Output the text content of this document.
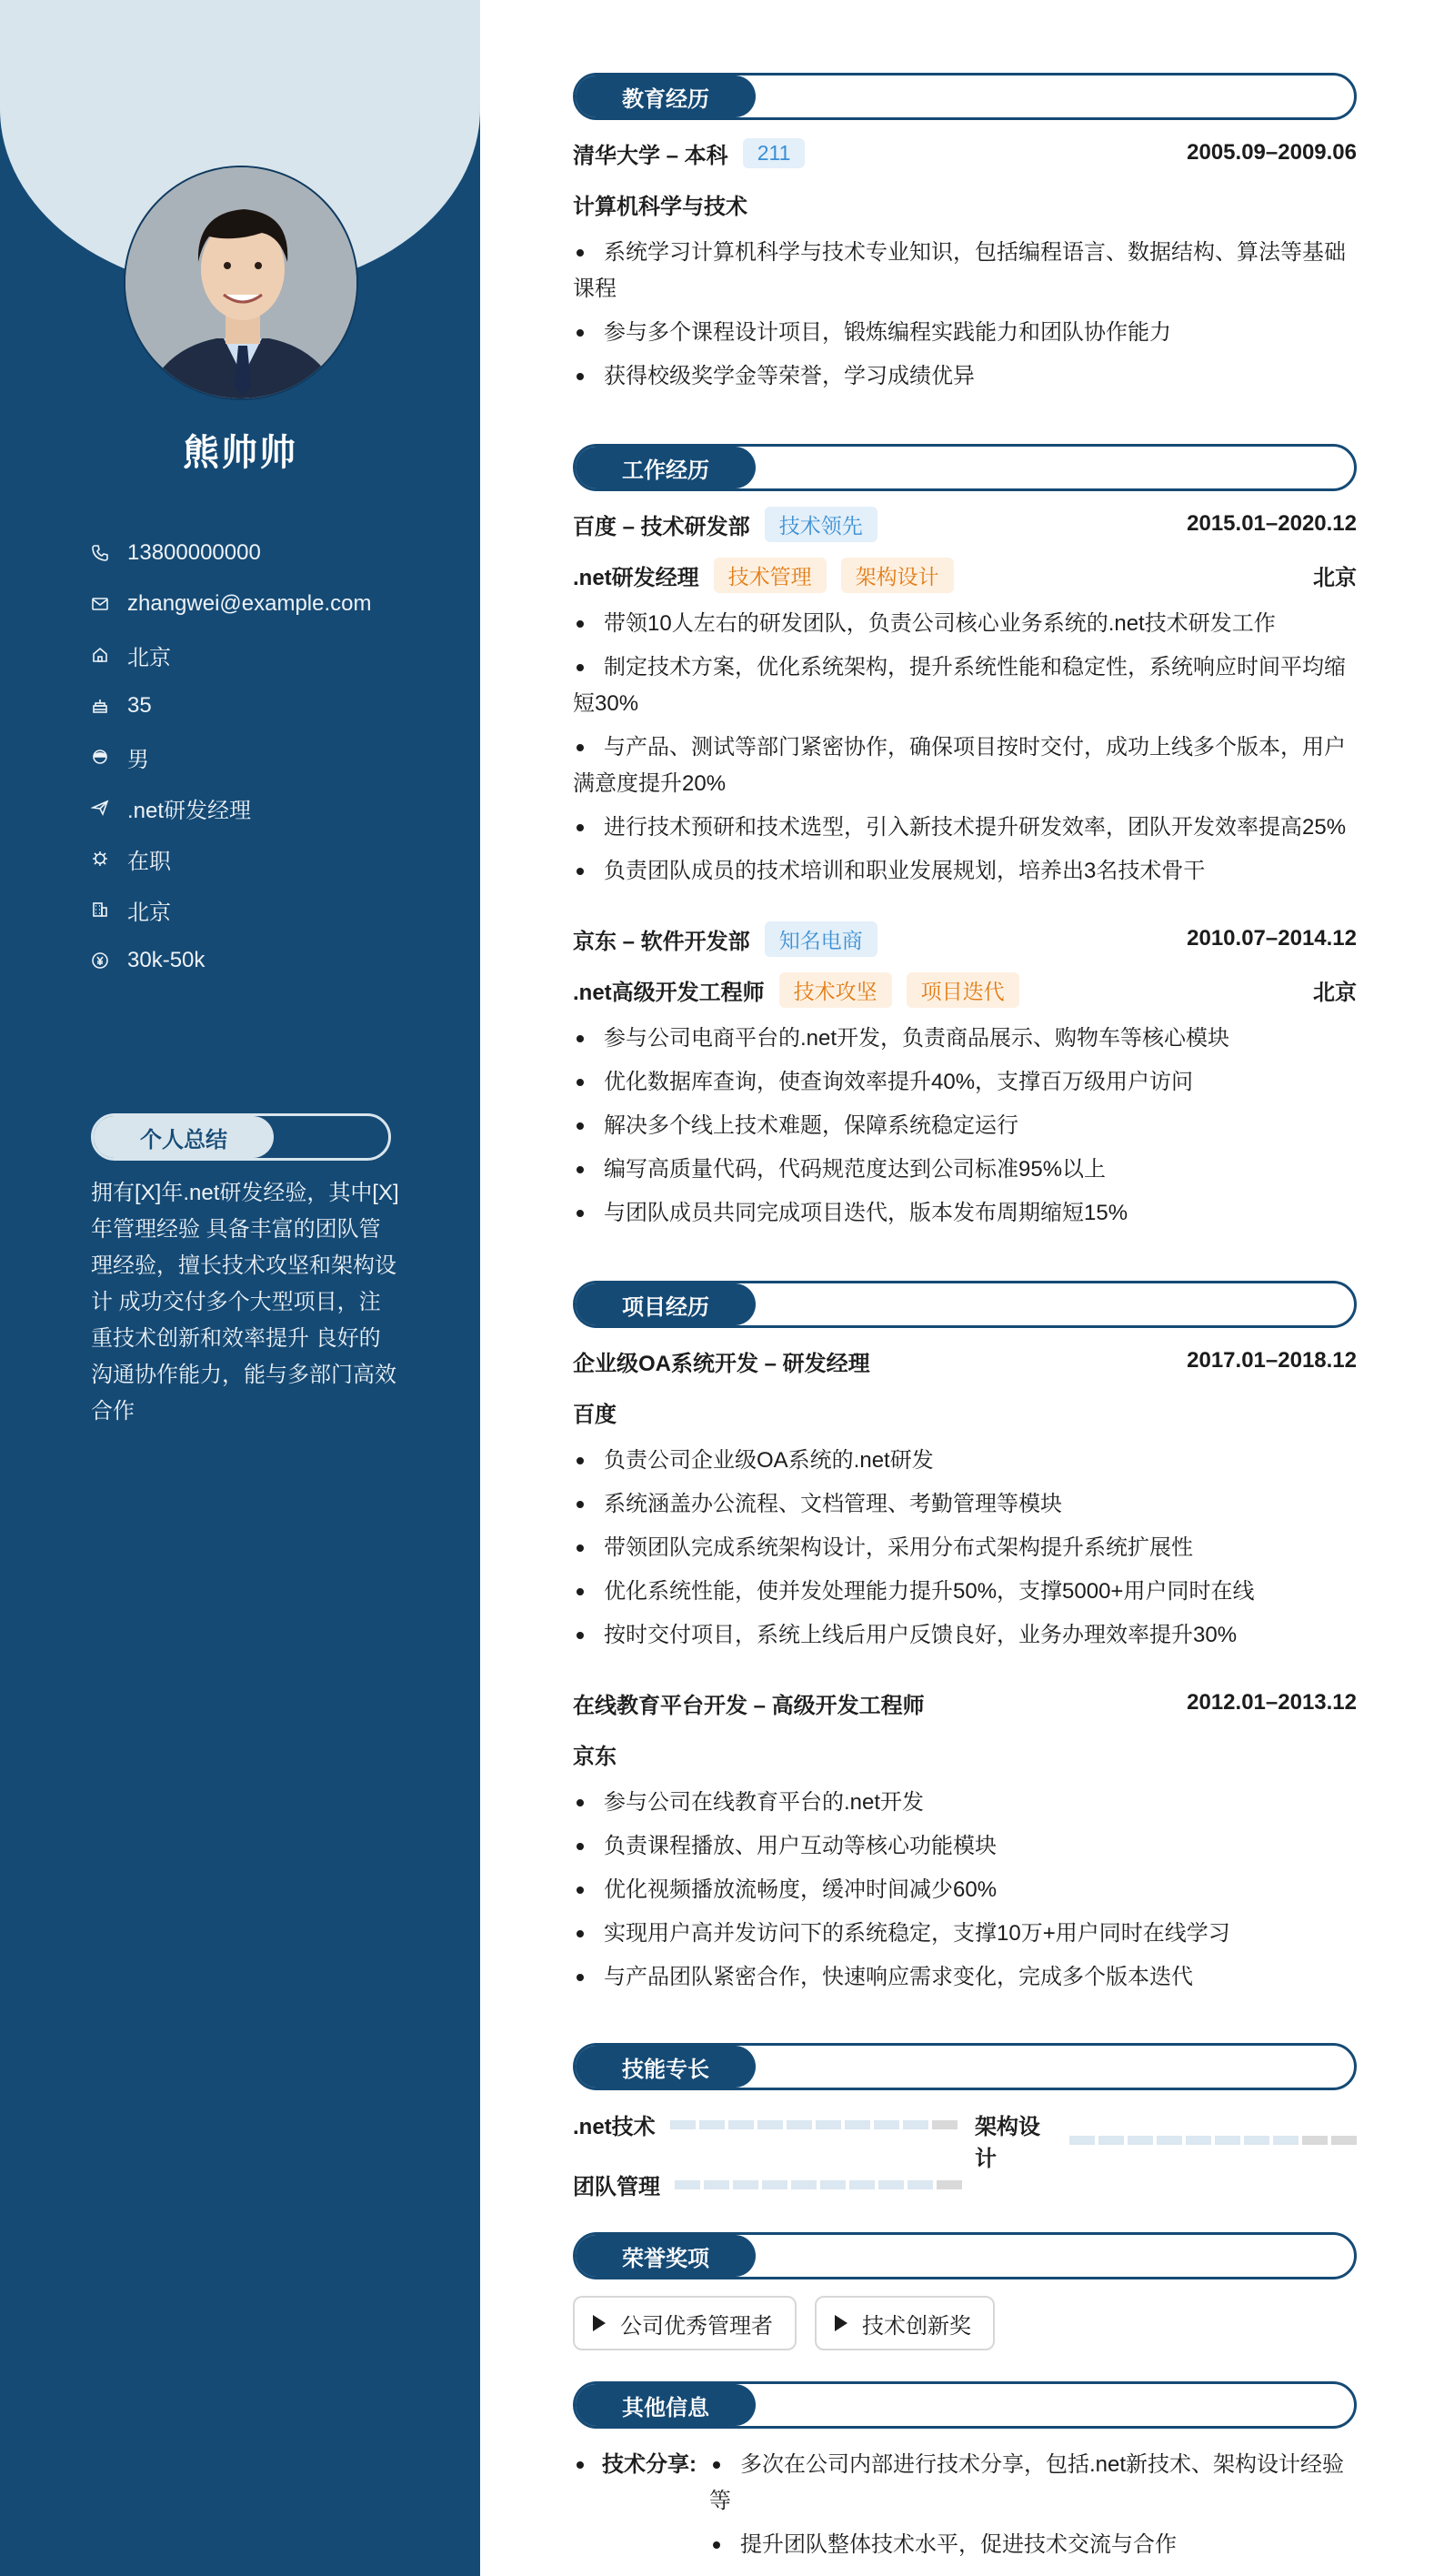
熊帅帅
13800000000
zhangwei@example.com
北京
35
男
.net研发经理
在职
北京
30k-50k
个人总结
拥有[X]年.net研发经验，其中[X]年管理经验 具备丰富的团队管理经验，擅长技术攻坚和架构设计 成功交付多个大型项目，注重技术创新和效率提升 良好的沟通协作能力，能与多部门高效合作
教育经历
清华大学 – 本科	211	2005.09–2009.06
计算机科学与技术
系统学习计算机科学与技术专业知识，包括编程语言、数据结构、算法等基础课程
参与多个课程设计项目，锻炼编程实践能力和团队协作能力
获得校级奖学金等荣誉，学习成绩优异
工作经历
百度 – 技术研发部	技术领先	2015.01–2020.12
.net研发经理	技术管理	架构设计	北京
带领10人左右的研发团队，负责公司核心业务系统的.net技术研发工作
制定技术方案，优化系统架构，提升系统性能和稳定性，系统响应时间平均缩短30%
与产品、测试等部门紧密协作，确保项目按时交付，成功上线多个版本，用户满意度提升20%
进行技术预研和技术选型，引入新技术提升研发效率，团队开发效率提高25%
负责团队成员的技术培训和职业发展规划，培养出3名技术骨干
京东 – 软件开发部	知名电商	2010.07–2014.12
.net高级开发工程师	技术攻坚	项目迭代	北京
参与公司电商平台的.net开发，负责商品展示、购物车等核心模块
优化数据库查询，使查询效率提升40%，支撑百万级用户访问
解决多个线上技术难题，保障系统稳定运行
编写高质量代码，代码规范度达到公司标准95%以上
与团队成员共同完成项目迭代，版本发布周期缩短15%
项目经历
企业级OA系统开发 – 研发经理	2017.01–2018.12
百度
负责公司企业级OA系统的.net研发
系统涵盖办公流程、文档管理、考勤管理等模块
带领团队完成系统架构设计，采用分布式架构提升系统扩展性
优化系统性能，使并发处理能力提升50%，支撑5000+用户同时在线
按时交付项目，系统上线后用户反馈良好，业务办理效率提升30%
在线教育平台开发 – 高级开发工程师	2012.01–2013.12
京东
参与公司在线教育平台的.net开发
负责课程播放、用户互动等核心功能模块
优化视频播放流畅度，缓冲时间减少60%
实现用户高并发访问下的系统稳定，支撑10万+用户同时在线学习
与产品团队紧密合作，快速响应需求变化，完成多个版本迭代
技能专长
.net技术	架构设计
团队管理
荣誉奖项
公司优秀管理者	技术创新奖
其他信息
技术分享:	多次在公司内部进行技术分享，包括.net新技术、架构设计经验等
提升团队整体技术水平，促进技术交流与合作
